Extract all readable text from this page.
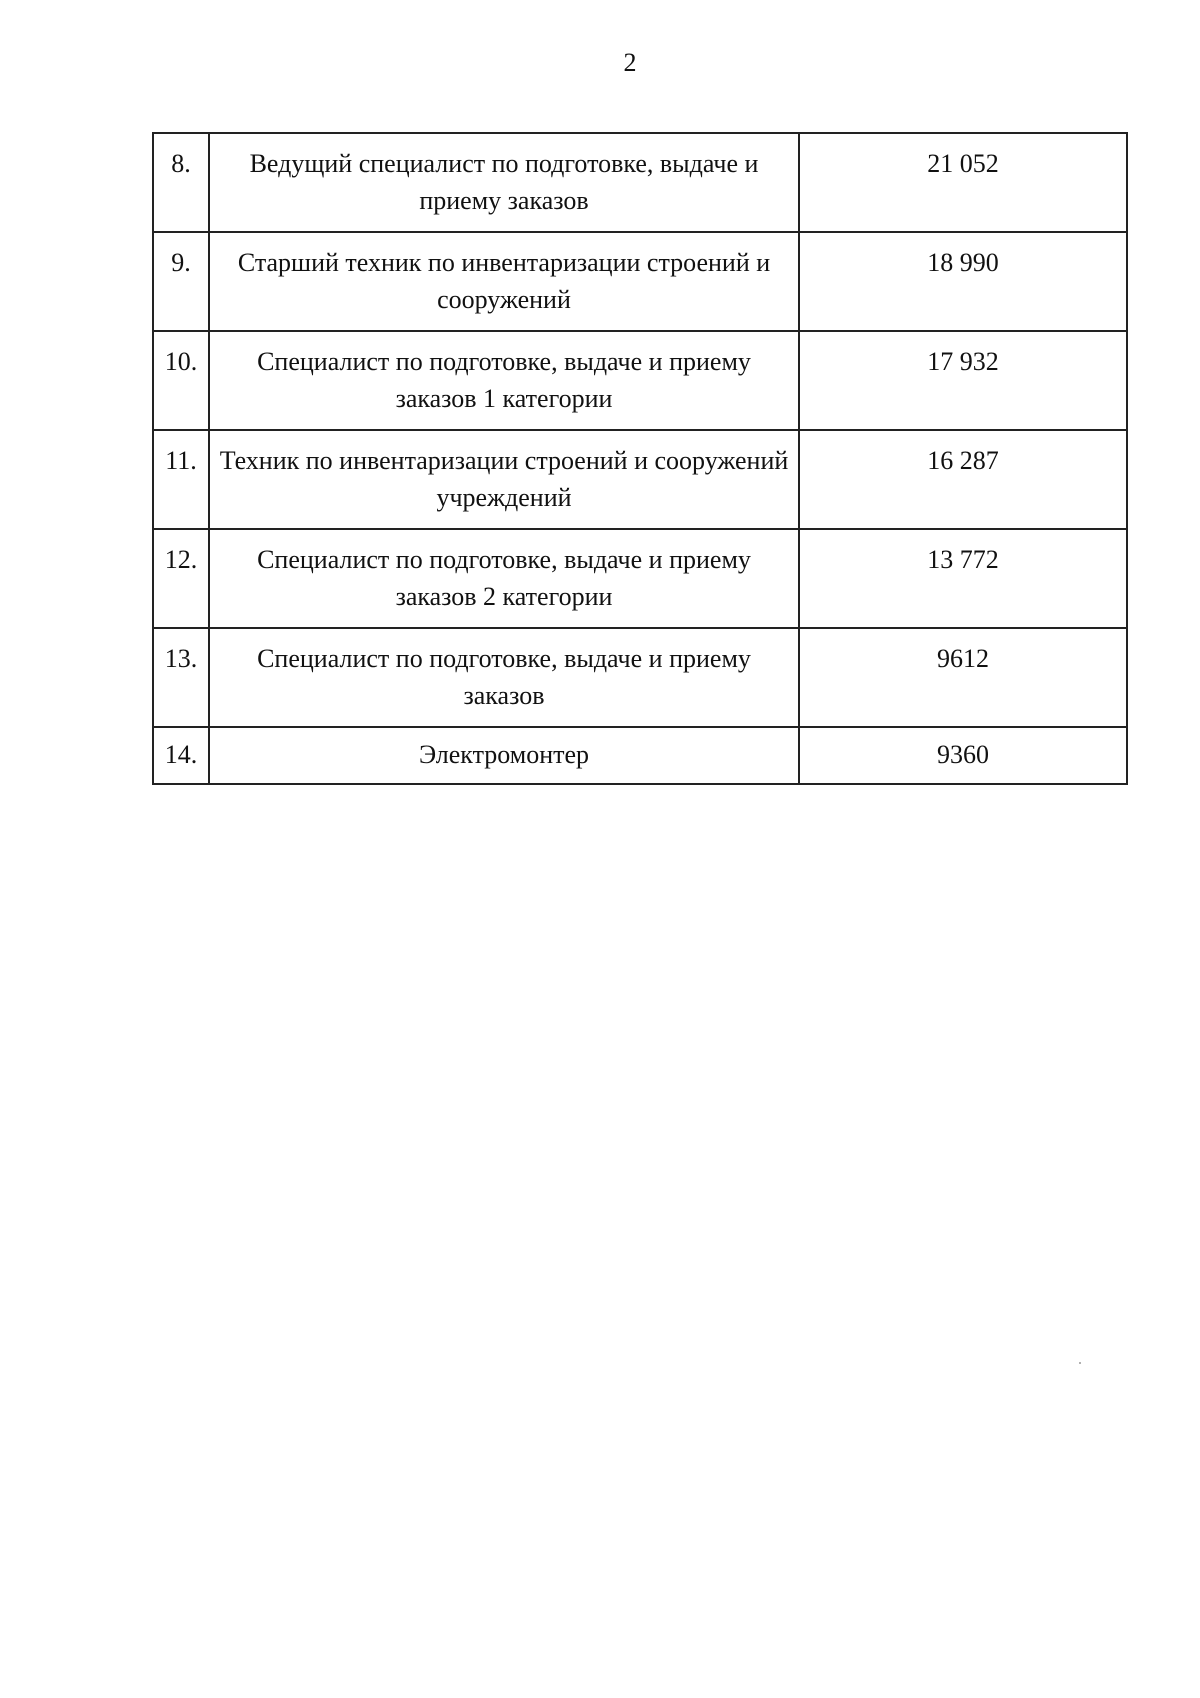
2
8.	Ведущий специалист по подготовке, выдаче и приему заказов	21 052
9.	Старший техник по инвентаризации строений и сооружений	18 990
10.	Специалист по подготовке, выдаче и приему заказов 1 категории	17 932
11.	Техник по инвентаризации строений и сооружений учреждений	16 287
12.	Специалист по подготовке, выдаче и приему заказов 2 категории	13 772
13.	Специалист по подготовке, выдаче и приему заказов	9612
14.	Электромонтер	9360
